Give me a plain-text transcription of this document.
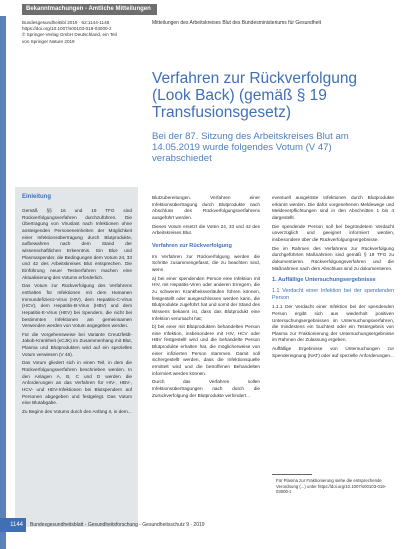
Bekanntmachungen - Amtliche Mitteilungen
Bundesgesundheitsbl 2019 · 62:1144-1148
https://doi.org/10.1007/s00103-019-03000-z
© Springer-Verlag GmbH Deutschland, ein Teil
von Springer Nature 2019
Mitteilungen des Arbeitskreises Blut des Bundesministeriums für Gesundheit
Verfahren zur Rückverfolgung
(Look Back) (gemäß § 19
Transfusionsgesetz)
Bei der 87. Sitzung des Arbeitskreises Blut am
14.05.2019 wurde folgendes Votum (V 47)
verabschiedet
Einleitung

Gemäß §§ 16 und 19 TFG sind Rückverfolgungsverfahren durchzuführen. Die Übertragung von Viruslast nach Infektionen ohne ansteigenden Personeneinheiten der Möglichkeit einer Infektionsübertragung durch Blutprodukte, aufbewahren nach dem Stand der wissenschaftlichen Erkenntnis. Ein Blut- und Plasmaspender, die Bedingungen dem Votum 24, 33 und 42 des Arbeitskreises Blut entsprechen. Die Einführung neuer Testverfahren machen eine Aktualisierung des Votums erforderlich.

Das Votum zur Rückverfolgung des Verfahrens enthalten für Infektionen mit dem Humanen Immundefizienz-Virus (HIV), dem Hepatitis-C-Virus (HCV), dem Hepatitis-B-Virus (HBV) und dem Hepatitis-E-Virus (HEV) bei Spendern, die nicht bei bestimmten Infektionen am gemeinsamen Verwenden werden von Votum angegeben werden.

Für die Vorgehensweise bei Variante Creutzfeldt-Jakob-Krankheit (vCJK) im Zusammenhang mit Blut, Plasma und Blutprodukten wird auf ein spezielles Votum verwiesen (V 46).

Das Votum gliedert sich in einen Teil, in dem die Rückverfolgungsverfahren beschrieben werden. In den Anlagen A, B, C und D werden die Anforderungen an das Verfahren für HIV-, HBV-, HCV- und HEV-Infektionen bei Blutspendern auf Personen abgegeben und festgelegt. Das Votum eine Blutabgabe.

Zu Beginn des Votums durch den Anfang II, in dem...

Blutzubereitungen. Verfahren einer Infektionsübertragung durch Blutprodukte nach Abschluss des Rückverfolgungsverfahrens ausgeführt werden.

Dieses Votum ersetzt die Voten 24, 33 und 42 des Arbeitskreises Blut.

Verfahren zur Rückverfolgung

Im Verfahren zur Rückverfolgung werden die Schritte zusammengefasst, die zu beachten sind, wenn

a) bei einer spendenden Person eine Infektion mit HIV, mit Hepatitis-Viren oder anderen Erregern, die zu schweren Krankheitsverläufen führen können, festgestellt oder ausgeschlossen werden kann, die Blutprodukte zugeführt hat und somit der Stand des Wissens bekannt ist, dass das Blutprodukt eine Infektion verursacht hat;

b) bei einer mit Blutprodukten behandelten Person eine Infektion, insbesondere mit HIV, HCV oder HBV festgestellt wird und die behandelte Person Blutprodukte erhalten hat, die möglicherweise von einer infizierten Person stammen. Damit soll sichergestellt werden, dass die Infektionsquelle ermittelt wird und die betroffenen Behandelten informiert werden können.

Durch das Verfahren sollen Infektionsübertragungen nach durch die Zurückverfolgung der Blutprodukte verhindert...

eventuell ausgelöste Infektionen durch Blutprodukte erkannt werden. Die dafür vorgesehenen Meldewege und Meldeverpflichtungen sind in den Abschnitten 1 bis 4 dargestellt.

Die spendende Person soll bei begründetem Verdacht unverzüglich und geeignet informiert werden, insbesondere über die Rückverfolgungsergebnisse.

Die im Rahmen des Verfahrens zur Rückverfolgung durchgeführten Maßnahmen sind gemäß § 19 TFG zu dokumentieren. Rückverfolgungsverfahren und die Maßnahmen nach dem Abschluss sind zu dokumentieren.

1. Auffällige Untersuchungsergebnisse

1.1 Verdacht einer Infektion bei der spendenden Person

1.1.1 Der Verdacht einer Infektion bei der spendenden Person ergibt sich aus wiederholt positiven Untersuchungsergebnissen im Untersuchungsverfahren, die mindestens ein Suchtest oder ein Testergebnis von Plasma zur Fraktionierung der Untersuchungsergebnisse im Rahmen der Zulassung ergeben.

Auffällige Ergebnisse von Untersuchungen zur Spendereignung (NAT) oder auf spezielle Anforderungen...

Für Plasma zur Fraktionierung siehe die entsprechende Verordnung (...) unter https://doi.org/10.1007/s00103-019-03000-z
1144	Bundesgesundheitsblatt - Gesundheitsforschung - Gesundheitsschutz 9 · 2019
